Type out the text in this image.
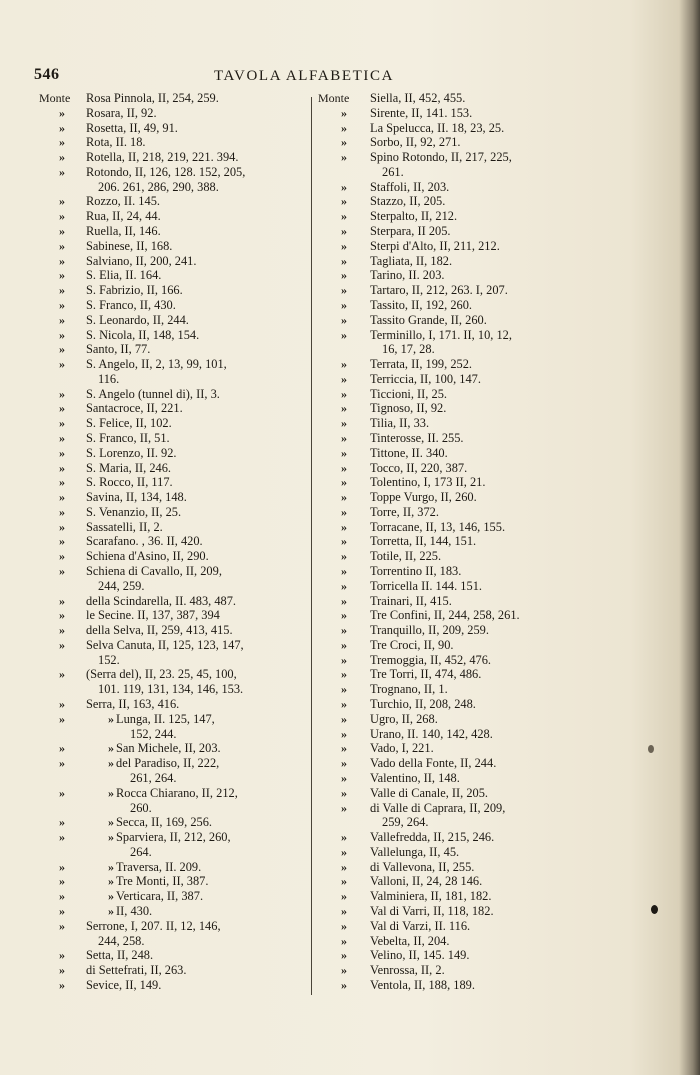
546	TAVOLA ALFABETICA
Monte	Rosa Pinnola, II, 254, 259.
»	Rosara, II, 92.
»	Rosetta, II, 49, 91.
»	Rota, II. 18.
»	Rotella, II, 218, 219, 221. 394.
»	Rotondo, II, 126, 128. 152, 205,
206. 261, 286, 290, 388.
»	Rozzo, II. 145.
»	Rua, II, 24, 44.
»	Ruella, II, 146.
»	Sabinese, II, 168.
»	Salviano, II, 200, 241.
»	S. Elia, II. 164.
»	S. Fabrizio, II, 166.
»	S. Franco, II, 430.
»	S. Leonardo, II, 244.
»	S. Nicola, II, 148, 154.
»	Santo, II, 77.
»	S. Angelo, II, 2, 13, 99, 101,
116.
»	S. Angelo (tunnel di), II, 3.
»	Santacroce, II, 221.
»	S. Felice, II, 102.
»	S. Franco, II, 51.
»	S. Lorenzo, II. 92.
»	S. Maria, II, 246.
»	S. Rocco, II, 117.
»	Savina, II, 134, 148.
»	S. Venanzio, II, 25.
»	Sassatelli, II, 2.
»	Scarafano. , 36. II, 420.
»	Schiena d'Asino, II, 290.
»	Schiena di Cavallo, II, 209,
244, 259.
»	della Scindarella, II. 483, 487.
»	le Secine. II, 137, 387, 394
»	della Selva, II, 259, 413, 415.
»	Selva Canuta, II, 125, 123, 147,
152.
»	(Serra del), II, 23. 25, 45, 100,
101. 119, 131, 134, 146, 153.
»	Serra, II, 163, 416.
»	» Lunga, II. 125, 147,
152, 244.
»	» San Michele, II, 203.
»	» del Paradiso, II, 222,
261, 264.
»	» Rocca Chiarano, II, 212,
260.
»	» Secca, II, 169, 256.
»	» Sparviera, II, 212, 260,
264.
»	» Traversa, II. 209.
»	» Tre Monti, II, 387.
»	» Verticara, II, 387.
»	» II, 430.
»	Serrone, I, 207. II, 12, 146,
244, 258.
»	Setta, II, 248.
»	di Settefrati, II, 263.
»	Sevice, II, 149.
Monte	Siella, II, 452, 455.
»	Sirente, II, 141. 153.
»	La Spelucca, II. 18, 23, 25.
»	Sorbo, II, 92, 271.
»	Spino Rotondo, II, 217, 225,
261.
»	Staffoli, II, 203.
»	Stazzo, II, 205.
»	Sterpalto, II, 212.
»	Sterpara, II 205.
»	Sterpi d'Alto, II, 211, 212.
»	Tagliata, II, 182.
»	Tarino, II. 203.
»	Tartaro, II, 212, 263. I, 207.
»	Tassito, II, 192, 260.
»	Tassito Grande, II, 260.
»	Terminillo, I, 171. II, 10, 12,
16, 17, 28.
»	Terrata, II, 199, 252.
»	Terriccia, II, 100, 147.
»	Ticcioni, II, 25.
»	Tignoso, II, 92.
»	Tilia, II, 33.
»	Tinterosse, II. 255.
»	Tittone, II. 340.
»	Tocco, II, 220, 387.
»	Tolentino, I, 173 II, 21.
»	Toppe Vurgo, II, 260.
»	Torre, II, 372.
»	Torracane, II, 13, 146, 155.
»	Torretta, II, 144, 151.
»	Totile, II, 225.
»	Torrentino II, 183.
»	Torricella II. 144. 151.
»	Trainari, II, 415.
»	Tre Confini, II, 244, 258, 261.
»	Tranquillo, II, 209, 259.
»	Tre Croci, II, 90.
»	Tremoggia, II, 452, 476.
»	Tre Torri, II, 474, 486.
»	Trognano, II, 1.
»	Turchio, II, 208, 248.
»	Ugro, II, 268.
»	Urano, II. 140, 142, 428.
»	Vado, I, 221.
»	Vado della Fonte, II, 244.
»	Valentino, II, 148.
»	Valle di Canale, II, 205.
»	di Valle di Caprara, II, 209,
259, 264.
»	Vallefredda, II, 215, 246.
»	Vallelunga, II, 45.
»	di Vallevona, II, 255.
»	Valloni, II, 24, 28 146.
»	Valminiera, II, 181, 182.
»	Val di Varri, II, 118, 182.
»	Val di Varzi, II. 116.
»	Vebelta, II, 204.
»	Velino, II, 145. 149.
»	Venrossa, II, 2.
»	Ventola, II, 188, 189.
